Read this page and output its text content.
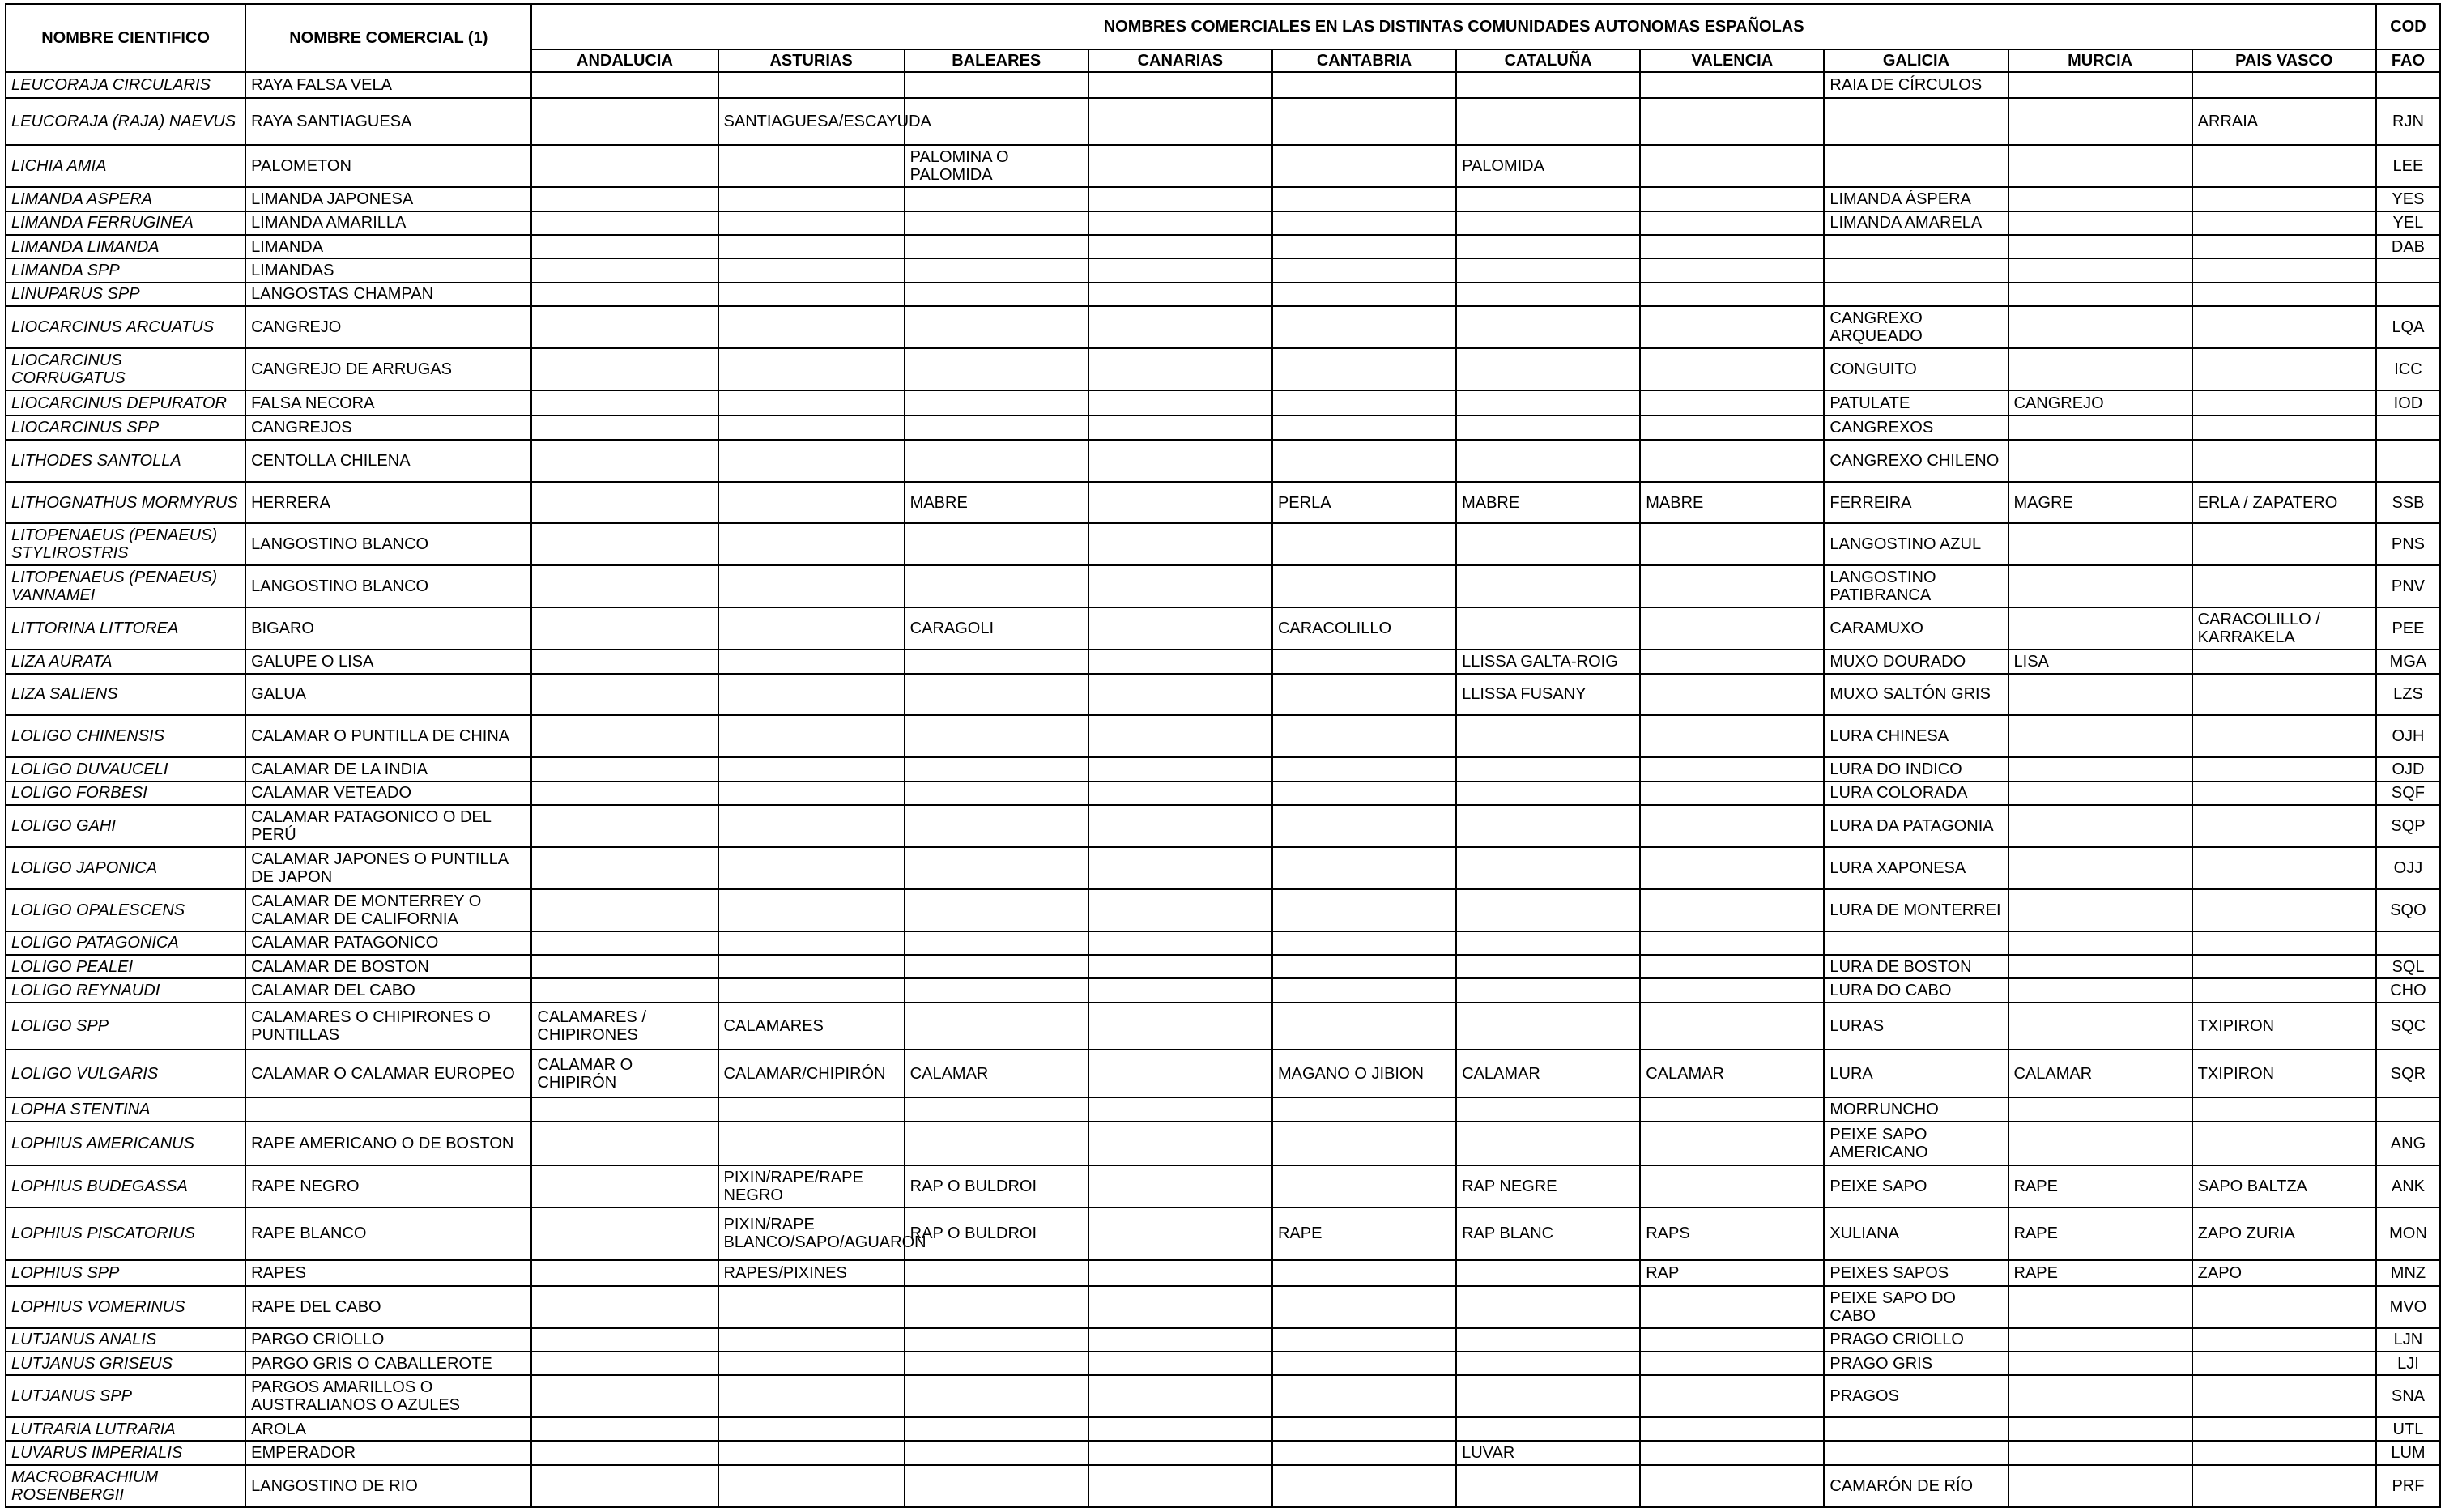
NOMBRE CIENTIFICO	NOMBRE COMERCIAL (1)	NOMBRES COMERCIALES EN LAS DISTINTAS COMUNIDADES AUTONOMAS ESPAÑOLAS										COD
		ANDALUCIA	ASTURIAS	BALEARES	CANARIAS	CANTABRIA	CATALUÑA	VALENCIA	GALICIA	MURCIA	PAIS VASCO	FAO
LEUCORAJA CIRCULARIS	RAYA FALSA VELA								RAIA DE CÍRCULOS			
LEUCORAJA (RAJA) NAEVUS	RAYA SANTIAGUESA		SANTIAGUESA/ESCAYUDA								ARRAIA	RJN
LICHIA AMIA	PALOMETON			PALOMINA O PALOMIDA			PALOMIDA					LEE
LIMANDA ASPERA	LIMANDA JAPONESA								LIMANDA ÁSPERA			YES
LIMANDA FERRUGINEA	LIMANDA AMARILLA								LIMANDA AMARELA			YEL
LIMANDA LIMANDA	LIMANDA											DAB
LIMANDA SPP	LIMANDAS											
LINUPARUS SPP	LANGOSTAS CHAMPAN											
LIOCARCINUS ARCUATUS	CANGREJO								CANGREXO ARQUEADO			LQA
LIOCARCINUS CORRUGATUS	CANGREJO DE ARRUGAS								CONGUITO			ICC
LIOCARCINUS DEPURATOR	FALSA NECORA								PATULATE	CANGREJO		IOD
LIOCARCINUS SPP	CANGREJOS								CANGREXOS			
LITHODES SANTOLLA	CENTOLLA CHILENA								CANGREXO CHILENO			
LITHOGNATHUS MORMYRUS	HERRERA			MABRE		PERLA	MABRE	MABRE	FERREIRA	MAGRE	ERLA / ZAPATERO	SSB
LITOPENAEUS (PENAEUS) STYLIROSTRIS	LANGOSTINO BLANCO								LANGOSTINO AZUL			PNS
LITOPENAEUS (PENAEUS) VANNAMEI	LANGOSTINO BLANCO								LANGOSTINO PATIBRANCA			PNV
LITTORINA LITTOREA	BIGARO			CARAGOLI		CARACOLILLO			CARAMUXO		CARACOLILLO / KARRAKELA	PEE
LIZA AURATA	GALUPE O LISA						LLISSA GALTA-ROIG		MUXO DOURADO	LISA		MGA
LIZA SALIENS	GALUA						LLISSA FUSANY		MUXO SALTÓN GRIS			LZS
LOLIGO CHINENSIS	CALAMAR O PUNTILLA DE CHINA								LURA CHINESA			OJH
LOLIGO DUVAUCELI	CALAMAR DE LA INDIA								LURA DO INDICO			OJD
LOLIGO FORBESI	CALAMAR VETEADO								LURA COLORADA			SQF
LOLIGO GAHI	CALAMAR PATAGONICO O DEL PERÚ								LURA DA PATAGONIA			SQP
LOLIGO JAPONICA	CALAMAR JAPONES O PUNTILLA DE JAPON								LURA XAPONESA			OJJ
LOLIGO OPALESCENS	CALAMAR DE MONTERREY O CALAMAR DE CALIFORNIA								LURA DE MONTERREI			SQO
LOLIGO PATAGONICA	CALAMAR PATAGONICO											
LOLIGO PEALEI	CALAMAR DE BOSTON								LURA DE BOSTON			SQL
LOLIGO REYNAUDI	CALAMAR DEL CABO								LURA DO CABO			CHO
LOLIGO SPP	CALAMARES O CHIPIRONES O PUNTILLAS	CALAMARES / CHIPIRONES	CALAMARES						LURAS		TXIPIRON	SQC
LOLIGO VULGARIS	CALAMAR O CALAMAR EUROPEO	CALAMAR O CHIPIRÓN	CALAMAR/CHIPIRÓN	CALAMAR		MAGANO O JIBION	CALAMAR	CALAMAR	LURA	CALAMAR	TXIPIRON	SQR
LOPHA STENTINA									MORRUNCHO			
LOPHIUS AMERICANUS	RAPE AMERICANO O DE BOSTON								PEIXE SAPO AMERICANO			ANG
LOPHIUS BUDEGASSA	RAPE NEGRO		PIXIN/RAPE/RAPE NEGRO	RAP O BULDROI			RAP NEGRE		PEIXE SAPO	RAPE	SAPO BALTZA	ANK
LOPHIUS PISCATORIUS	RAPE BLANCO		PIXIN/RAPE BLANCO/SAPO/AGUARON	RAP O BULDROI		RAPE	RAP BLANC	RAPS	XULIANA	RAPE	ZAPO ZURIA	MON
LOPHIUS SPP	RAPES		RAPES/PIXINES					RAP	PEIXES SAPOS	RAPE	ZAPO	MNZ
LOPHIUS VOMERINUS	RAPE DEL CABO								PEIXE SAPO DO CABO			MVO
LUTJANUS ANALIS	PARGO CRIOLLO								PRAGO CRIOLLO			LJN
LUTJANUS GRISEUS	PARGO GRIS O CABALLEROTE								PRAGO GRIS			LJI
LUTJANUS SPP	PARGOS AMARILLOS O AUSTRALIANOS O AZULES								PRAGOS			SNA
LUTRARIA LUTRARIA	AROLA											UTL
LUVARUS IMPERIALIS	EMPERADOR						LUVAR					LUM
MACROBRACHIUM ROSENBERGII	LANGOSTINO DE RIO								CAMARÓN DE RÍO			PRF
